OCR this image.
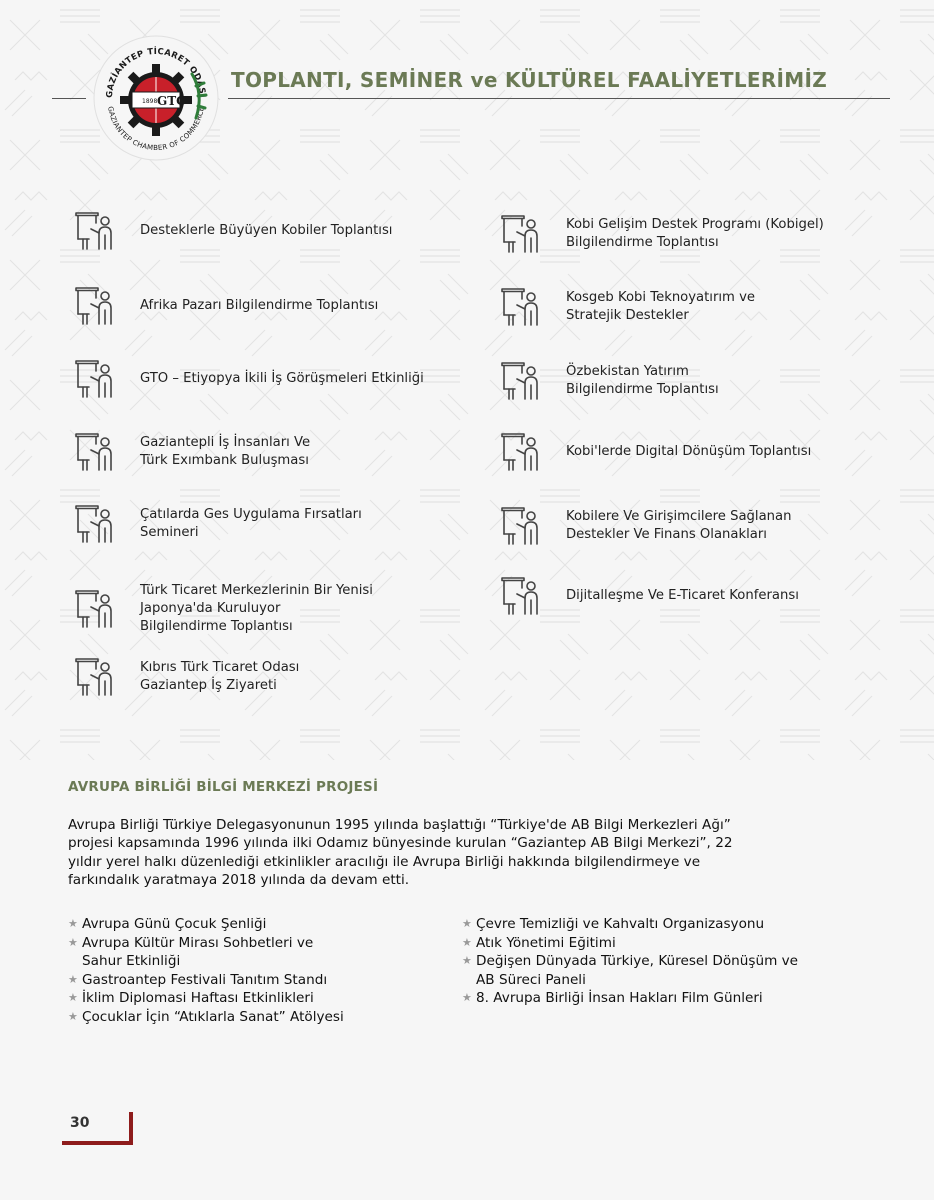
GAZİANTEP TİCARET ODASI
GAZIANTEP CHAMBER OF COMMERCE
1898 GTO
TOPLANTI, SEMİNER ve KÜLTÜREL FAALİYETLERİMİZ
Desteklerle Büyüyen Kobiler Toplantısı
Afrika Pazarı Bilgilendirme Toplantısı
GTO – Etiyopya İkili İş Görüşmeleri Etkinliği
Gaziantepli İş İnsanları Ve
Türk Exımbank Buluşması
Çatılarda Ges Uygulama Fırsatları
Semineri
Türk Ticaret Merkezlerinin Bir Yenisi
Japonya'da Kuruluyor
Bilgilendirme Toplantısı
Kıbrıs Türk Ticaret Odası
Gaziantep İş Ziyareti
Kobi Gelişim Destek Programı (Kobigel)
Bilgilendirme Toplantısı
Kosgeb Kobi Teknoyatırım ve
Stratejik Destekler
Özbekistan Yatırım
Bilgilendirme Toplantısı
Kobi'lerde Digital Dönüşüm Toplantısı
Kobilere Ve Girişimcilere Sağlanan
Destekler Ve Finans Olanakları
Dijitalleşme Ve E-Ticaret Konferansı
AVRUPA BİRLİĞİ BİLGİ MERKEZİ PROJESİ
Avrupa Birliği Türkiye Delegasyonunun 1995 yılında başlattığı “Türkiye'de AB Bilgi Merkezleri Ağı”
projesi kapsamında 1996 yılında ilki Odamız bünyesinde kurulan “Gaziantep AB Bilgi Merkezi”, 22
yıldır yerel halkı düzenlediği etkinlikler aracılığı ile Avrupa Birliği hakkında bilgilendirmeye ve
farkındalık yaratmaya 2018 yılında da devam etti.
★ Avrupa Günü Çocuk Şenliği
★ Avrupa Kültür Mirası Sohbetleri ve
Sahur Etkinliği
★ Gastroantep Festivali Tanıtım Standı
★ İklim Diplomasi Haftası Etkinlikleri
★ Çocuklar İçin “Atıklarla Sanat” Atölyesi
★ Çevre Temizliği ve Kahvaltı Organizasyonu
★ Atık Yönetimi Eğitimi
★ Değişen Dünyada Türkiye, Küresel Dönüşüm ve
AB Süreci Paneli
★ 8. Avrupa Birliği İnsan Hakları Film Günleri
30
